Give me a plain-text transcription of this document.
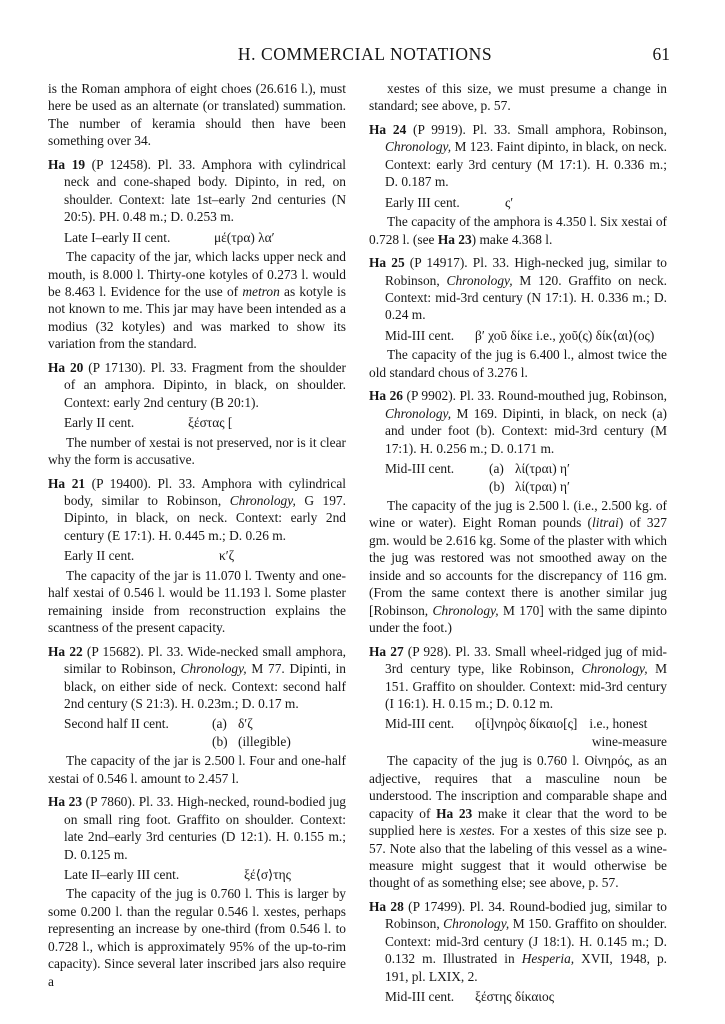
H. COMMERCIAL NOTATIONS	61

is the Roman amphora of eight choes (26.616 l.), must here be used as an alternate (or translated) summation. The number of keramia should then have been something over 34.

Ha 19 (P 12458). Pl. 33. Amphora with cylindrical neck and cone-shaped body. Dipinto, in red, on shoulder. Context: late 1st–early 2nd centuries (N 20:5). PH. 0.48 m.; D. 0.253 m.

Late I–early II cent.	μέ(τρα) λα′

The capacity of the jar, which lacks upper neck and mouth, is 8.000 l. Thirty-one kotyles of 0.273 l. would be 8.463 l. Evidence for the use of metron as kotyle is not known to me. This jar may have been intended as a modius (32 kotyles) and was marked to show its variation from the standard.

Ha 20 (P 17130). Pl. 33. Fragment from the shoulder of an amphora. Dipinto, in black, on shoulder. Context: early 2nd century (B 20:1).

Early II cent.	ξέστας [

The number of xestai is not preserved, nor is it clear why the form is accusative.

Ha 21 (P 19400). Pl. 33. Amphora with cylindrical body, similar to Robinson, Chronology, G 197. Dipinto, in black, on neck. Context: early 2nd century (E 17:1). H. 0.445 m.; D. 0.26 m.

Early II cent.	κ′ζ

The capacity of the jar is 11.070 l. Twenty and one-half xestai of 0.546 l. would be 11.193 l. Some plaster remaining inside from reconstruction explains the scantness of the present capacity.

Ha 22 (P 15682). Pl. 33. Wide-necked small amphora, similar to Robinson, Chronology, M 77. Dipinti, in black, on either side of neck. Context: second half 2nd century (S 21:3). H. 0.23m.; D. 0.17 m.

Second half II cent.	(a) δ′ζ
(b) (illegible)

The capacity of the jar is 2.500 l. Four and one-half xestai of 0.546 l. amount to 2.457 l.

Ha 23 (P 7860). Pl. 33. High-necked, round-bodied jug on small ring foot. Graffito on shoulder. Context: late 2nd–early 3rd centuries (D 12:1). H. 0.155 m.; D. 0.125 m.

Late II–early III cent.	ξέ⟨σ⟩της

The capacity of the jug is 0.760 l. This is larger by some 0.200 l. than the regular 0.546 l. xestes, perhaps representing an increase by one-third (from 0.546 l. to 0.728 l., which is approximately 95% of the up-to-rim capacity). Since several later inscribed jars also require a

xestes of this size, we must presume a change in standard; see above, p. 57.

Ha 24 (P 9919). Pl. 33. Small amphora, Robinson, Chronology, M 123. Faint dipinto, in black, on neck. Context: early 3rd century (M 17:1). H. 0.336 m.; D. 0.187 m.

Early III cent.	ς′

The capacity of the amphora is 4.350 l. Six xestai of 0.728 l. (see Ha 23) make 4.368 l.

Ha 25 (P 14917). Pl. 33. High-necked jug, similar to Robinson, Chronology, M 120. Graffito on neck. Context: mid-3rd century (N 17:1). H. 0.336 m.; D. 0.24 m.

Mid-III cent. β′ χοῦ δίκε i.e., χοῦ(ς) δίκ⟨αι⟩(ος)

The capacity of the jug is 6.400 l., almost twice the old standard chous of 3.276 l.

Ha 26 (P 9902). Pl. 33. Round-mouthed jug, Robinson, Chronology, M 169. Dipinti, in black, on neck (a) and under foot (b). Context: mid-3rd century (M 17:1). H. 0.256 m.; D. 0.171 m.

Mid-III cent.	(a) λί(τραι) η′
(b) λί(τραι) η′

The capacity of the jug is 2.500 l. (i.e., 2.500 kg. of wine or water). Eight Roman pounds (litrai) of 327 gm. would be 2.616 kg. Some of the plaster with which the jug was restored was not smoothed away on the inside and so accounts for the discrepancy of 116 gm. (From the same context there is another similar jug [Robinson, Chronology, M 170] with the same dipinto under the foot.)

Ha 27 (P 928). Pl. 33. Small wheel-ridged jug of mid-3rd century type, like Robinson, Chronology, M 151. Graffito on shoulder. Context: mid-3rd century (I 16:1). H. 0.15 m.; D. 0.12 m.

Mid-III cent.	ο[ἰ]νηρὸς δίκαιο[ς] i.e., honest
wine-measure

The capacity of the jug is 0.760 l. Οἰνηρός, as an adjective, requires that a masculine noun be understood. The inscription and comparable shape and capacity of Ha 23 make it clear that the word to be supplied here is xestes. For a xestes of this size see p. 57. Note also that the labeling of this vessel as a wine-measure might suggest that it would otherwise be thought of as something else; see above, p. 57.

Ha 28 (P 17499). Pl. 34. Round-bodied jug, similar to Robinson, Chronology, M 150. Graffito on shoulder. Context: mid-3rd century (J 18:1). H. 0.145 m.; D. 0.132 m. Illustrated in Hesperia, XVII, 1948, p. 191, pl. LXIX, 2.

Mid-III cent. ξέστης δίκαιος
